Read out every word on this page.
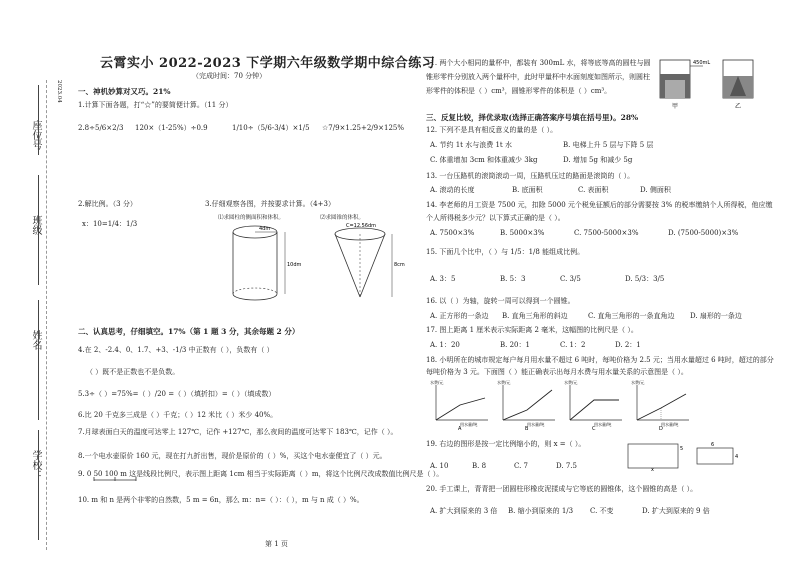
座位号
班级
姓名
学校：
2023.04
云霄实小 2022-2023 下学期六年级数学期中综合练习
（完成时间：70 分钟）
一、神机妙算对又巧。21%
1.计算下面各题，打“☆”的要简便计算。（11 分）
2.8÷5/6×2/3 120×（1-25%）÷0.9	1/10÷（5/6-3/4）×1/5 ☆7/9×1.25+2/9×125%
2.解比例。（3 分）	3.仔细观察各图，并按要求计算。（4+3）
x：10=1/4：1/3
⑴求圆柱的侧面积和体积。	⑵求圆锥的体积。
4dm
10dm
C=12.56dm
8cm
二、认真思考，仔细填空。17%（第 1 题 3 分，其余每题 2 分）
4.在 2、-2.4、0、1.7、+3、-1/3 中正数有（ ），负数有（ ）
（ ）既不是正数也不是负数。
5.3÷（ ）=75%=（ ）/20 =（ ）（填折扣）=（ ）（填成数）
6.比 20 千克多三成是（ ）千克；（ ）12 米比（ ）米少 40%。
7.月球表面白天的温度可达零上 127℃，记作 +127℃，那么夜间的温度可达零下 183℃，记作（ ）。
8.一个电水壶原价 160 元，现在打九折出售，现价是原价的（ ）%，买这个电水壶便宜了（ ）元。
9. 0 50 100 m 这是线段比例尺，表示图上距离 1cm 相当于实际距离（ ）m，将这个比例尺改成数值比例尺是（ ）。
10. m 和 n 是两个非零的自然数，5 m = 6n，那么 m：n=（ ）：（ ），m 与 n 成（ ）%。
第 1 页
11. 两个大小相同的量杯中，都装有 300mL 水，将等底等高的圆柱与圆锥形零件分别放入两个量杯中，此时甲量杯中水面刻度如图所示，则圆柱形零件的体积是（ ）cm³，圆锥形零件的体积是（ ）cm³。
450mL
甲	乙
三、反复比较，择优录取(选择正确答案序号填在括号里)。28%
12. 下列不是具有相反意义的量的是（ ）。
A. 节约 1t 水与浪费 1t 水	B. 电梯上升 5 层与下降 5 层
C. 体重增加 3cm 和体重减少 3kg	D. 增加 5g 和减少 5g
13. 一台压路机的滚筒滚动一周，压路机压过的路面是滚筒的（ ）。
A. 滚动的长度	B. 底面积	C. 表面积	D. 侧面积
14. 李老师的月工资是 7500 元，扣除 5000 元个税免征额后的部分需要按 3% 的税率缴纳个人所得税，他应缴个人所得税多少元？以下算式正确的是（ ）。
A. 7500×3%	B. 5000×3%	C. 7500-5000×3%	D. (7500-5000)×3%
15. 下面几个比中，（ ）与 1/5：1/8 能组成比例。
A. 3：5	B. 5：3	C. 3/5	D. 5/3：3/5
16. 以（ ）为轴，旋转一周可以得到一个圆锥。
A. 正方形的一条边 B. 直角三角形的斜边	C. 直角三角形的一条直角边 D. 扇形的一条边
17. 图上距离 1 厘米表示实际距离 2 毫米，这幅图的比例尺是（ ）。
A. 1：20	B. 20：1	C. 1：2	D. 2：1
18. 小明所在的城市规定每户每月用水量不超过 6 吨时，每吨价格为 2.5 元；当用水量超过 6 吨时，超过的部分每吨价格为 3 元。下面图（ ）能正确表示出每月水费与用水量关系的示意图是（ ）。
水费/元
用水量/吨
A
水费/元
用水量/吨
B
水费/元
用水量/吨
C
水费/元
用水量/吨
D
19. 右边的图形是按一定比例缩小的，则 x =（ ）。
5
4
6
x
A. 10	B. 8	C. 7	D. 7.5
20. 手工课上，青青把一团圆柱形橡皮泥揉成与它等底的圆锥体，这个圆锥的高是（ ）。
A. 扩大到原来的 3 倍 B. 缩小到原来的 1/3 C. 不变	D. 扩大到原来的 9 倍
